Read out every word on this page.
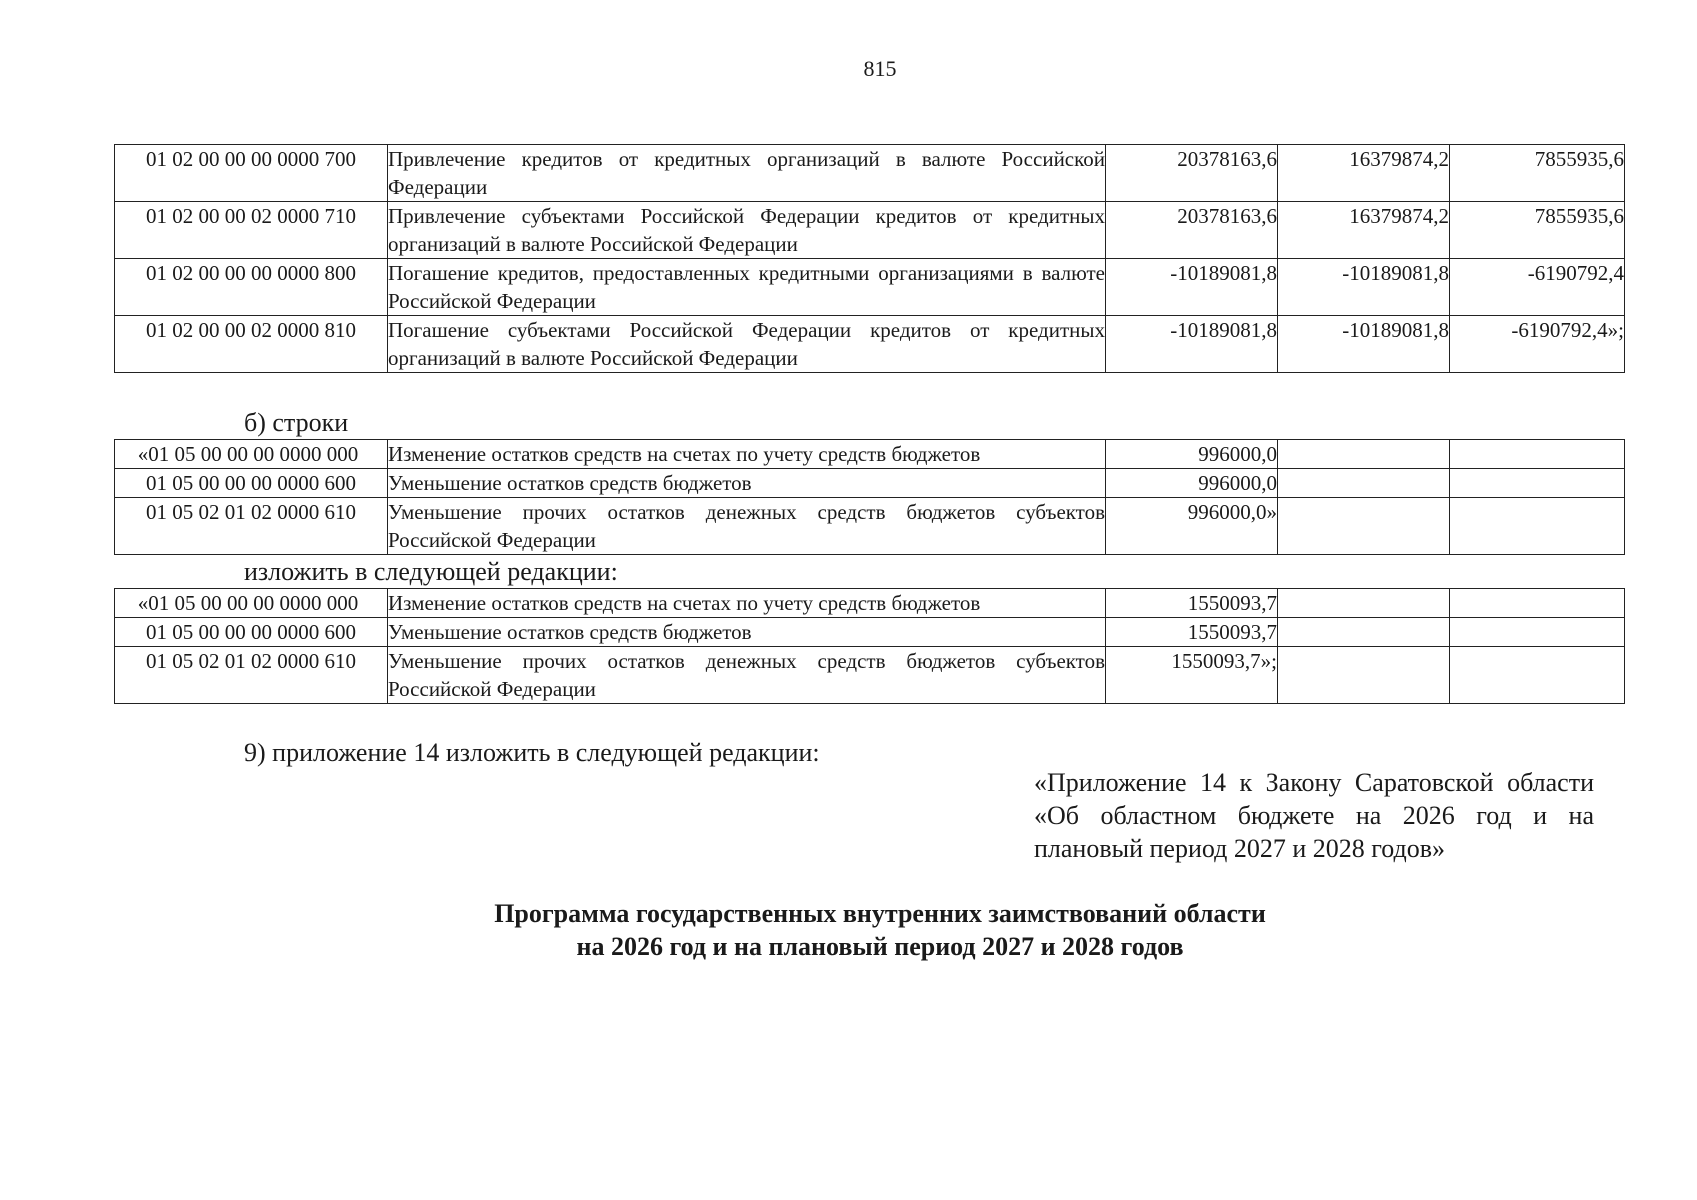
815
01 02 00 00 00 0000 700	Привлечение кредитов от кредитных организаций в валюте Российской Федерации	20378163,6	16379874,2	7855935,6
01 02 00 00 02 0000 710	Привлечение субъектами Российской Федерации кредитов от кредитных организаций в валюте Российской Федерации	20378163,6	16379874,2	7855935,6
01 02 00 00 00 0000 800	Погашение кредитов, предоставленных кредитными организациями в валюте Российской Федерации	-10189081,8	-10189081,8	-6190792,4
01 02 00 00 02 0000 810	Погашение субъектами Российской Федерации кредитов от кредитных организаций в валюте Российской Федерации	-10189081,8	-10189081,8	-6190792,4»;
б) строки
«01 05 00 00 00 0000 000	Изменение остатков средств на счетах по учету средств бюджетов	996000,0		
01 05 00 00 00 0000 600	Уменьшение остатков средств бюджетов	996000,0		
01 05 02 01 02 0000 610	Уменьшение прочих остатков денежных средств бюджетов субъектов Российской Федерации	996000,0»		
изложить в следующей редакции:
«01 05 00 00 00 0000 000	Изменение остатков средств на счетах по учету средств бюджетов	1550093,7		
01 05 00 00 00 0000 600	Уменьшение остатков средств бюджетов	1550093,7		
01 05 02 01 02 0000 610	Уменьшение прочих остатков денежных средств бюджетов субъектов Российской Федерации	1550093,7»;		
9) приложение 14 изложить в следующей редакции:
«Приложение 14 к Закону Саратовской области «Об областном бюджете на 2026 год и на плановый период 2027 и 2028 годов»
Программа государственных внутренних заимствований области
на 2026 год и на плановый период 2027 и 2028 годов
